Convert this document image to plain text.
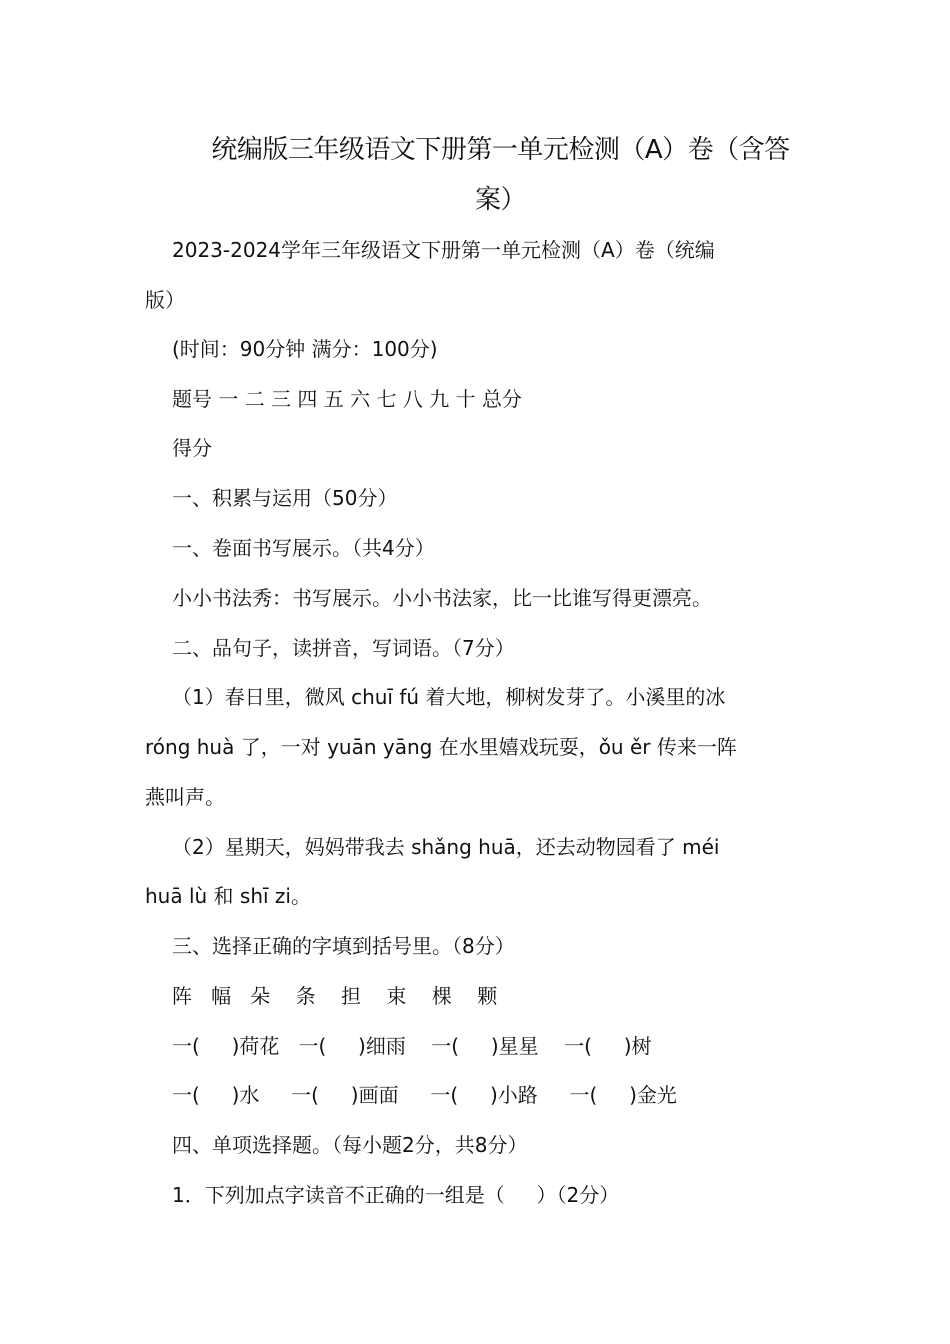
统编版三年级语文下册第一单元检测（A）卷（含答
案）
2023-2024学年三年级语文下册第一单元检测（A）卷（统编
版）
(时间：90分钟 满分：100分)
题号 一 二 三 四 五 六 七 八 九 十 总分
得分
一、积累与运用（50分）
一、卷面书写展示。（共4分）
小小书法秀：书写展示。小小书法家，比一比谁写得更漂亮。
二、品句子，读拼音，写词语。（7分）
（1）春日里，微风 chuī fú 着大地，柳树发芽了。小溪里的冰
róng huà 了，一对 yuān yāng 在水里嬉戏玩耍，ǒu ěr 传来一阵
燕叫声。
（2）星期天，妈妈带我去 shǎng huā，还去动物园看了 méi
huā lù 和 shī zi。
三、选择正确的字填到括号里。（8分）
阵   幅   朵    条    担    束    棵    颗
一(     )荷花   一(     )细雨    一(     )星星    一(     )树
一(     )水     一(     )画面     一(     )小路     一(     )金光
四、单项选择题。（每小题2分，共8分）
1．下列加点字读音不正确的一组是（     ）（2分）
